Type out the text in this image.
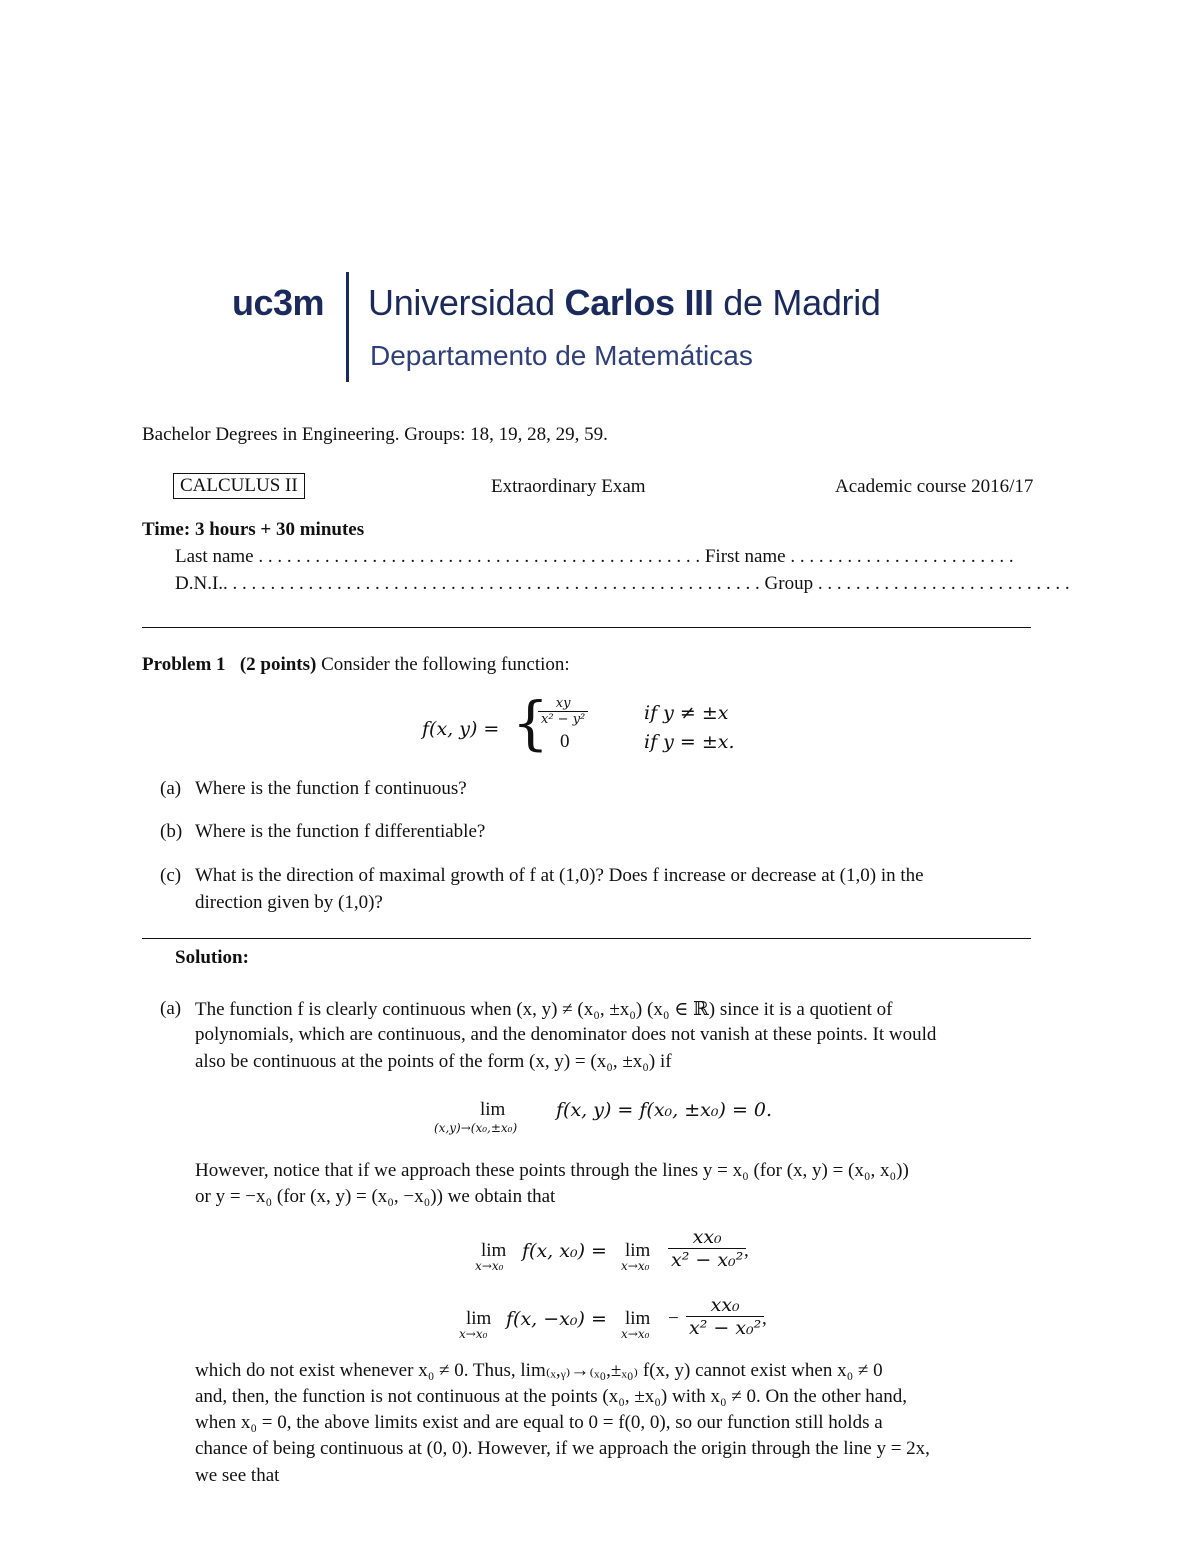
uc3m Universidad Carlos III de Madrid
Departamento de Matemáticas
Bachelor Degrees in Engineering. Groups: 18, 19, 28, 29, 59.
CALCULUS II	Extraordinary Exam	Academic course 2016/17
Time: 3 hours + 30 minutes
Last name . . . . . . . . . . . . . . . . . . . . . . . . . . . . . . . . . . . . . . . . . . . . . . . First name . . . . . . . . . . . . . . . . . . . . . . . .
D.N.I.. . . . . . . . . . . . . . . . . . . . . . . . . . . . . . . . . . . . . . . . . . . . . . . . . . . . . . . . . Group . . . . . . . . . . . . . . . . . . . . . . . . . . .
Problem 1 (2 points) Consider the following function:
f(x, y) = {
$\frac{xy}{\text{x² − y²}}$	if y ≠ ±x
0	if y = ±x.
(a) Where is the function f continuous?
(b) Where is the function f differentiable?
(c) What is the direction of maximal growth of f at (1,0)? Does f increase or decrease at (1,0) in the
direction given by (1,0)?
Solution:
(a) The function f is clearly continuous when (x, y) ≠ (x₀, ±x₀) (x₀ ∈ ℝ) since it is a quotient of
polynomials, which are continuous, and the denominator does not vanish at these points. It would
also be continuous at the points of the form (x, y) = (x₀, ±x₀) if
lim
(x,y)→(x₀,±x₀)
f(x, y) = f(x₀, ±x₀) = 0.
However, notice that if we approach these points through the lines y = x₀ (for (x, y) = (x₀, x₀))
or y = −x₀ (for (x, y) = (x₀, −x₀)) we obtain that
lim
x→x₀
f(x, x₀) = lim
$x\to x_0 \frac{\text{xx₀}}{\text{x² − x₀²}}$
,
lim
x→x₀
f(x, −x₀) = lim
x→x₀
− $\frac{\text{xx₀}}{\text{x² − x₀²}}$
,
which do not exist whenever x₀ ≠ 0. Thus, lim₍ₓ,ᵧ₎→₍ₓ₀,±ₓ₀₎ f(x, y) cannot exist when x₀ ≠ 0
and, then, the function is not continuous at the points (x₀, ±x₀) with x₀ ≠ 0. On the other hand,
when x₀ = 0, the above limits exist and are equal to 0 = f(0, 0), so our function still holds a
chance of being continuous at (0, 0). However, if we approach the origin through the line y = 2x,
we see that
